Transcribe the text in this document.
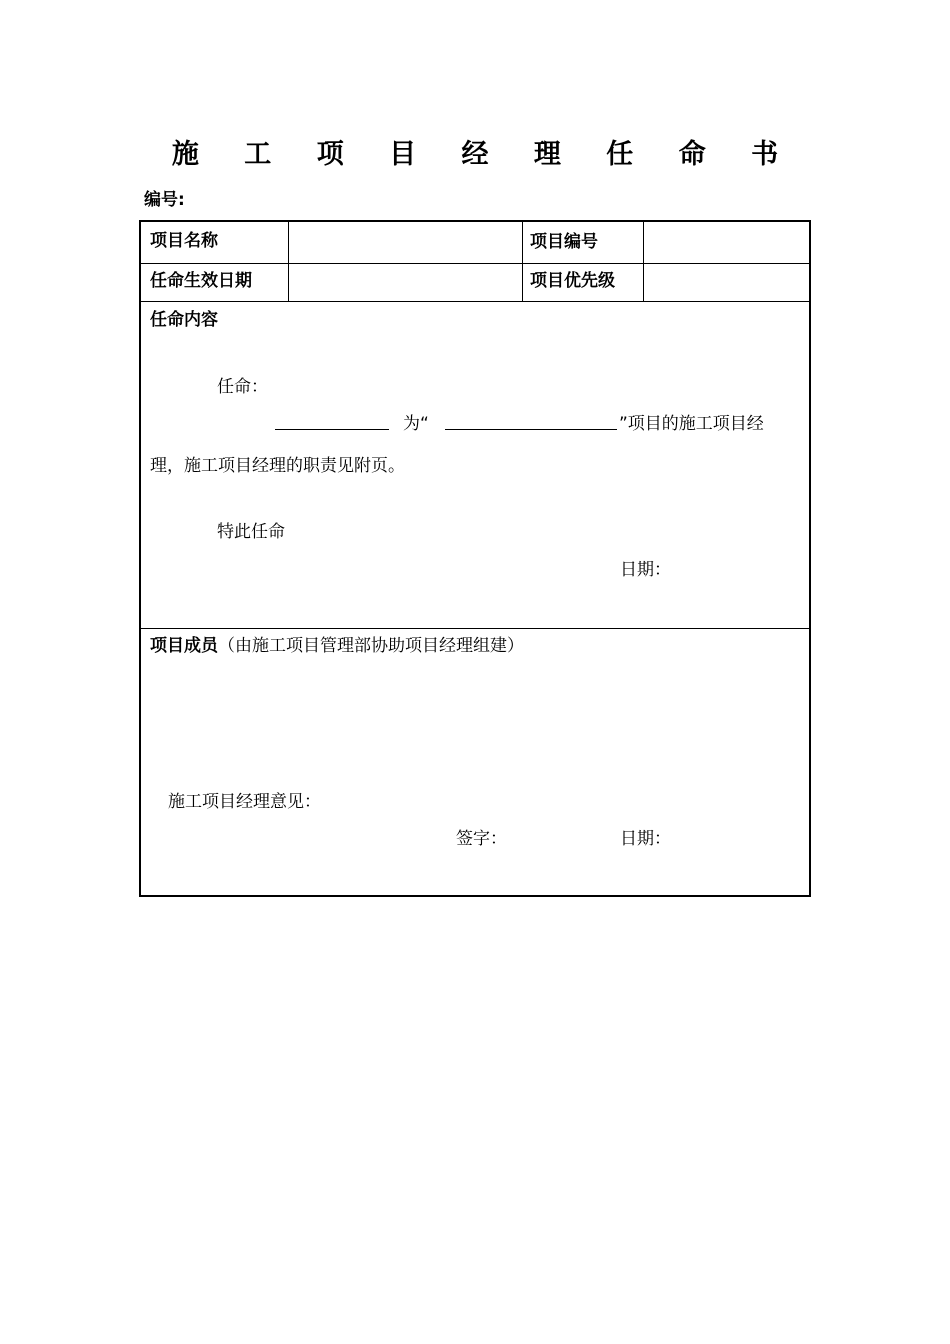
施 工 项 目 经 理 任 命 书
编号:
项目名称	项目编号
任命生效日期	项目优先级
任命内容
任命：
为“	”项目的施工项目经
理，施工项目经理的职责见附页。
特此任命
日期：
项目成员（由施工项目管理部协助项目经理组建）
施工项目经理意见：
签字：	日期：
